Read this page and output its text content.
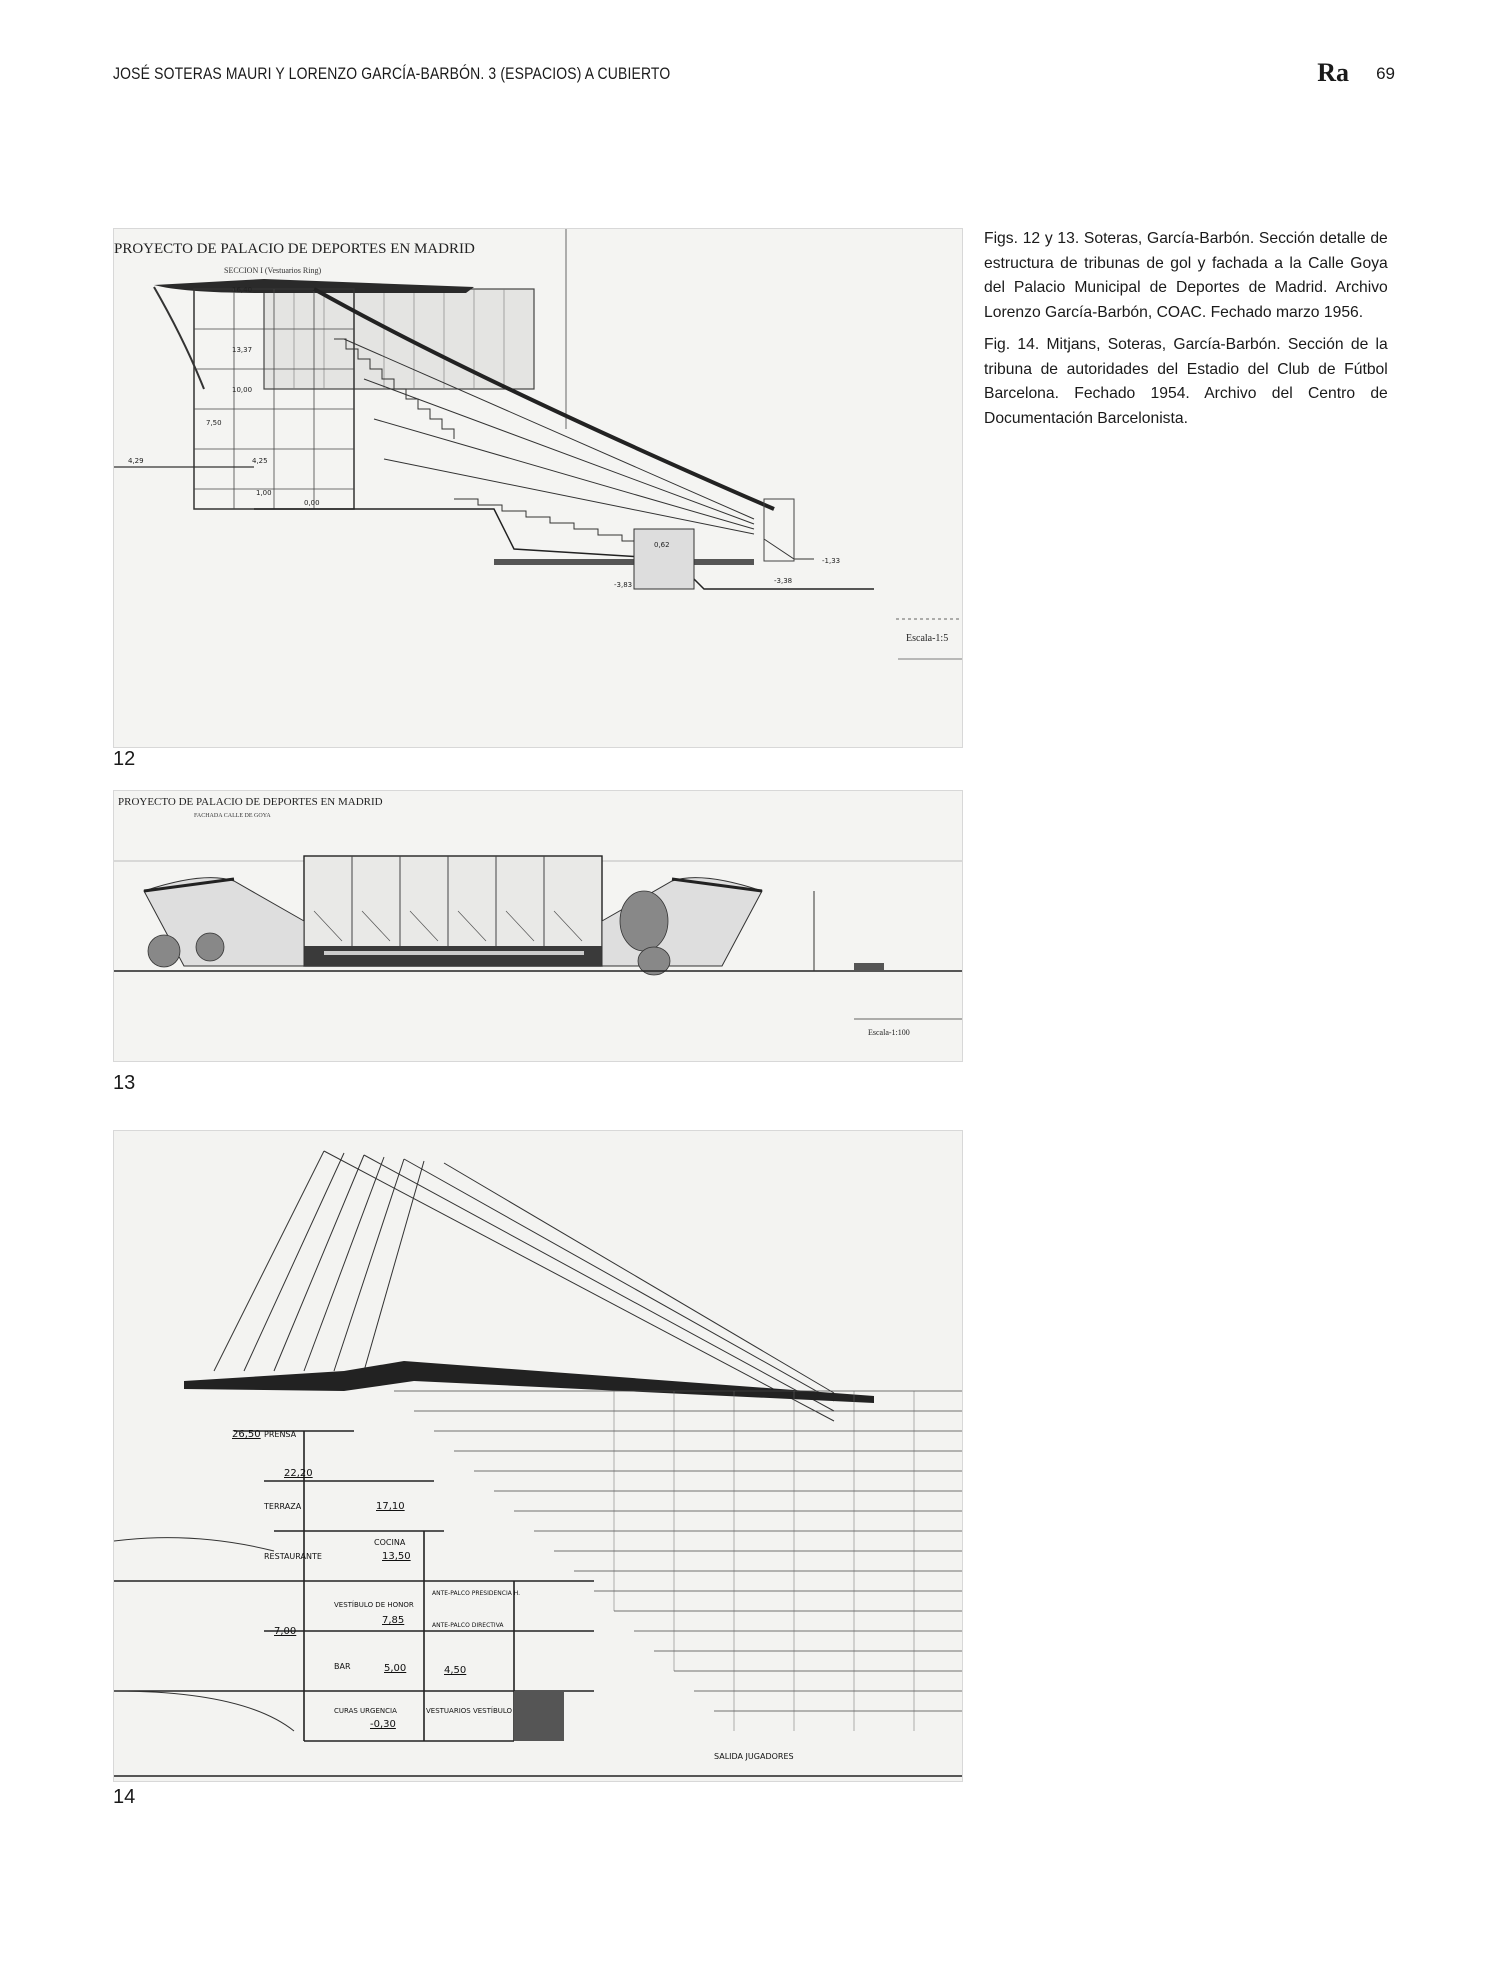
JOSÉ SOTERAS MAURI Y LORENZO GARCÍA-BARBÓN. 3 (ESPACIOS) A CUBIERTO	Ra 69

Figs. 12 y 13. Soteras, García-Barbón. Sección detalle de estructura de tribunas de gol y fachada a la Calle Goya del Palacio Municipal de Deportes de Madrid. Archivo Lorenzo García-Barbón, COAC. Fechado marzo 1956.

Fig. 14. Mitjans, Soteras, García-Barbón. Sección de la tribuna de autoridades del Estadio del Club de Fútbol Barcelona. Fechado 1954. Archivo del Centro de Documentación Barcelonista.

PROYECTO DE PALACIO DE DEPORTES EN MADRID
SECCION I (Vestuarios Ring)
16,40
13,37
10,00
7,50
4,29	4,25
1,00
0,00
-3,83	-3,38
-1,33
0,62
Escala-1:5
12
PROYECTO DE PALACIO DE DEPORTES EN MADRID
FACHADA CALLE DE GOYA
Escala-1:100
13
PRENSA
TERRAZA
RESTAURANTE
COCINA
ANTE-PALCO PRESIDENCIA H.
VESTÍBULO DE HONOR
ANTE-PALCO DIRECTIVA
BAR
CURAS URGENCIA	VESTUARIOS VESTÍBULO
SALIDA JUGADORES
26,50
22,20
17,10
13,50
7,85
7,00
5,00	4,50
-0,30
14
